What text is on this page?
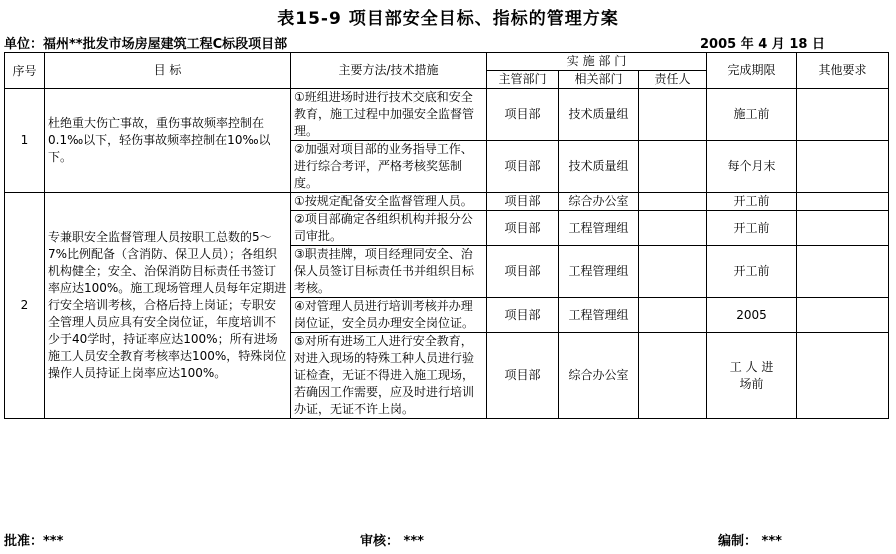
表15-9 项目部安全目标、指标的管理方案
单位：福州**批发市场房屋建筑工程C标段项目部	2005 年 4 月 18 日
序号	目 标	主要方法/技术措施	实 施 部 门			完成期限	其他要求
			主管部门	相关部门	责任人		
1	杜绝重大伤亡事故，重伤事故频率控制在0.1‰以下，轻伤事故频率控制在10‰以下。	①班组进场时进行技术交底和安全教育，施工过程中加强安全监督管理。	项目部	技术质量组		施工前	
		②加强对项目部的业务指导工作、进行综合考评，严格考核奖惩制度。	项目部	技术质量组		每个月末	
2	专兼职安全监督管理人员按职工总数的5～7%比例配备（含消防、保卫人员）；各组织机构健全；安全、治保消防目标责任书签订率应达100%。施工现场管理人员每年定期进行安全培训考核，合格后持上岗证；专职安全管理人员应具有安全岗位证，年度培训不少于40学时，持证率应达100%；所有进场施工人员安全教育考核率达100%，特殊岗位操作人员持证上岗率应达100%。	①按规定配备安全监督管理人员。	项目部	综合办公室		开工前	
		②项目部确定各组织机构并报分公司审批。	项目部	工程管理组		开工前	
		③职责挂牌，项目经理同安全、治保人员签订目标责任书并组织目标考核。	项目部	工程管理组		开工前	
		④对管理人员进行培训考核并办理岗位证，安全员办理安全岗位证。	项目部	工程管理组		2005	
		⑤对所有进场工人进行安全教育，对进入现场的特殊工种人员进行验证检查，无证不得进入施工现场，若确因工作需要，应及时进行培训办证，无证不许上岗。	项目部	综合办公室		工 人 进场前	
批准：***	审核： ***	编制： ***
